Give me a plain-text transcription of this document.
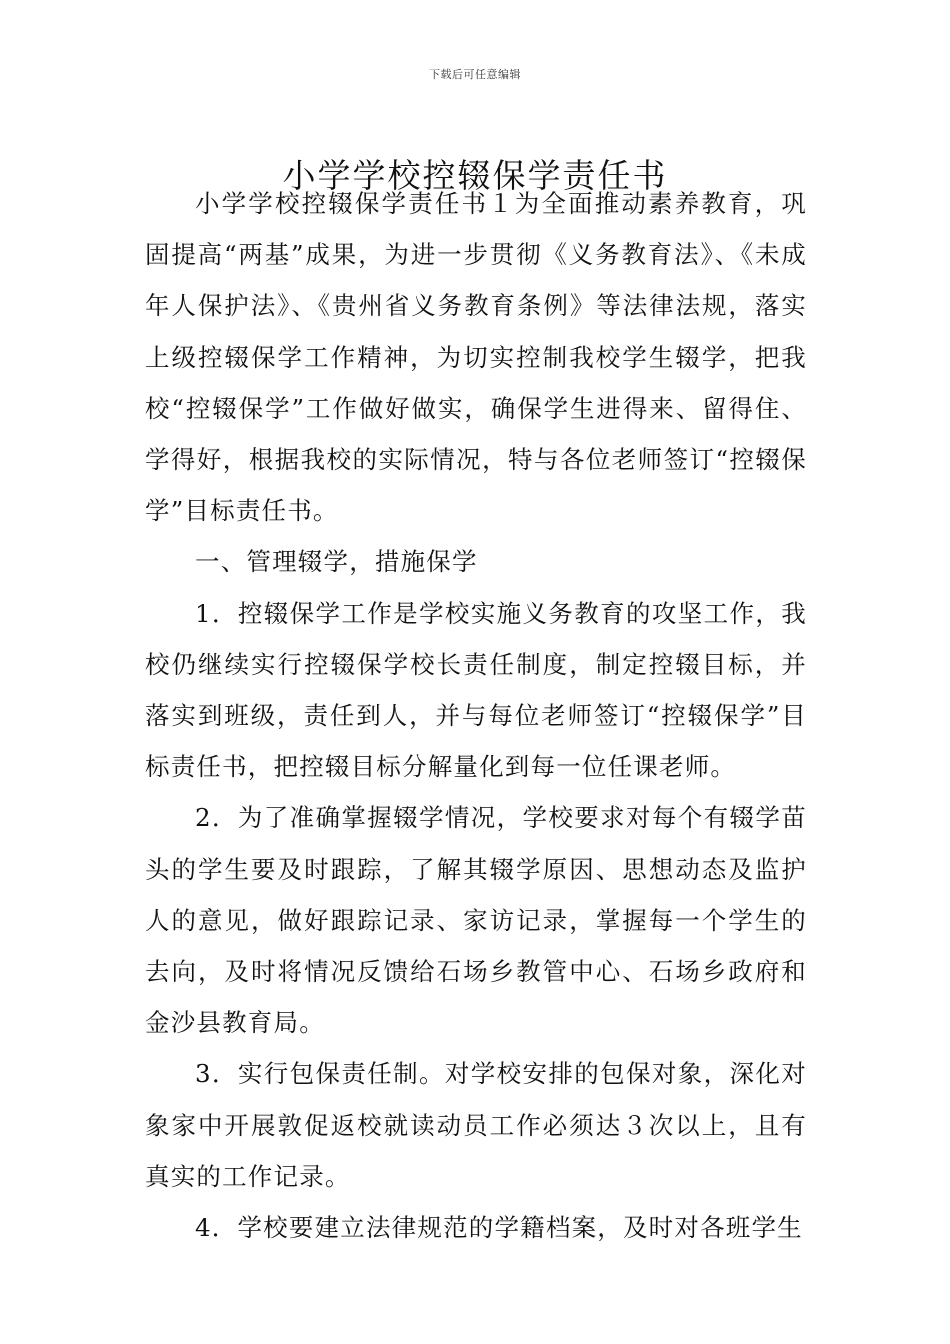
下载后可任意编辑
小学学校控辍保学责任书

小学学校控辍保学责任书１为全面推动素养教育，巩固提高“两基”成果，为进一步贯彻《义务教育法》、《未成年人保护法》、《贵州省义务教育条例》等法律法规，落实上级控辍保学工作精神，为切实控制我校学生辍学，把我校“控辍保学”工作做好做实，确保学生进得来、留得住、学得好，根据我校的实际情况，特与各位老师签订“控辍保学”目标责任书。

一、管理辍学，措施保学

1．控辍保学工作是学校实施义务教育的攻坚工作，我校仍继续实行控辍保学校长责任制度，制定控辍目标，并落实到班级，责任到人，并与每位老师签订“控辍保学”目标责任书，把控辍目标分解量化到每一位任课老师。

2．为了准确掌握辍学情况，学校要求对每个有辍学苗头的学生要及时跟踪，了解其辍学原因、思想动态及监护人的意见，做好跟踪记录、家访记录，掌握每一个学生的去向，及时将情况反馈给石场乡教管中心、石场乡政府和金沙县教育局。

3．实行包保责任制。对学校安排的包保对象，深化对象家中开展敦促返校就读动员工作必须达３次以上，且有真实的工作记录。

4．学校要建立法律规范的学籍档案，及时对各班学生
